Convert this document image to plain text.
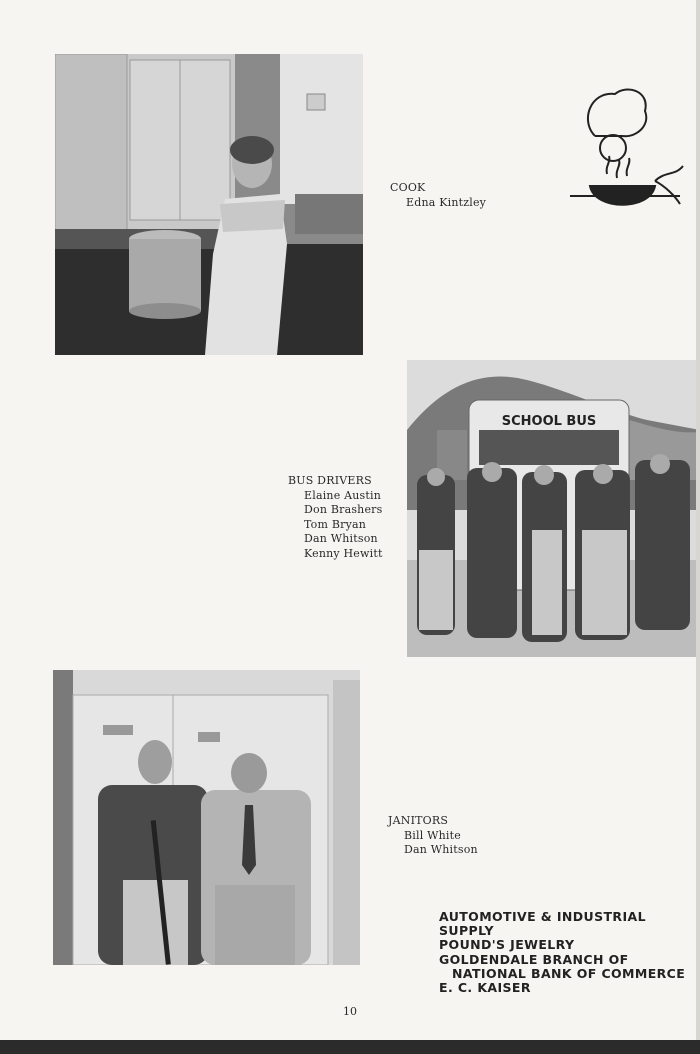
COOK
Edna Kintzley
SCHOOL BUS
BUS DRIVERS
Elaine Austin
Don Brashers
Tom Bryan
Dan Whitson
Kenny Hewitt
JANITORS
Bill White
Dan Whitson
AUTOMOTIVE & INDUSTRIAL SUPPLY
POUND'S JEWELRY
GOLDENDALE BRANCH OF
NATIONAL BANK OF COMMERCE
E. C. KAISER
10
